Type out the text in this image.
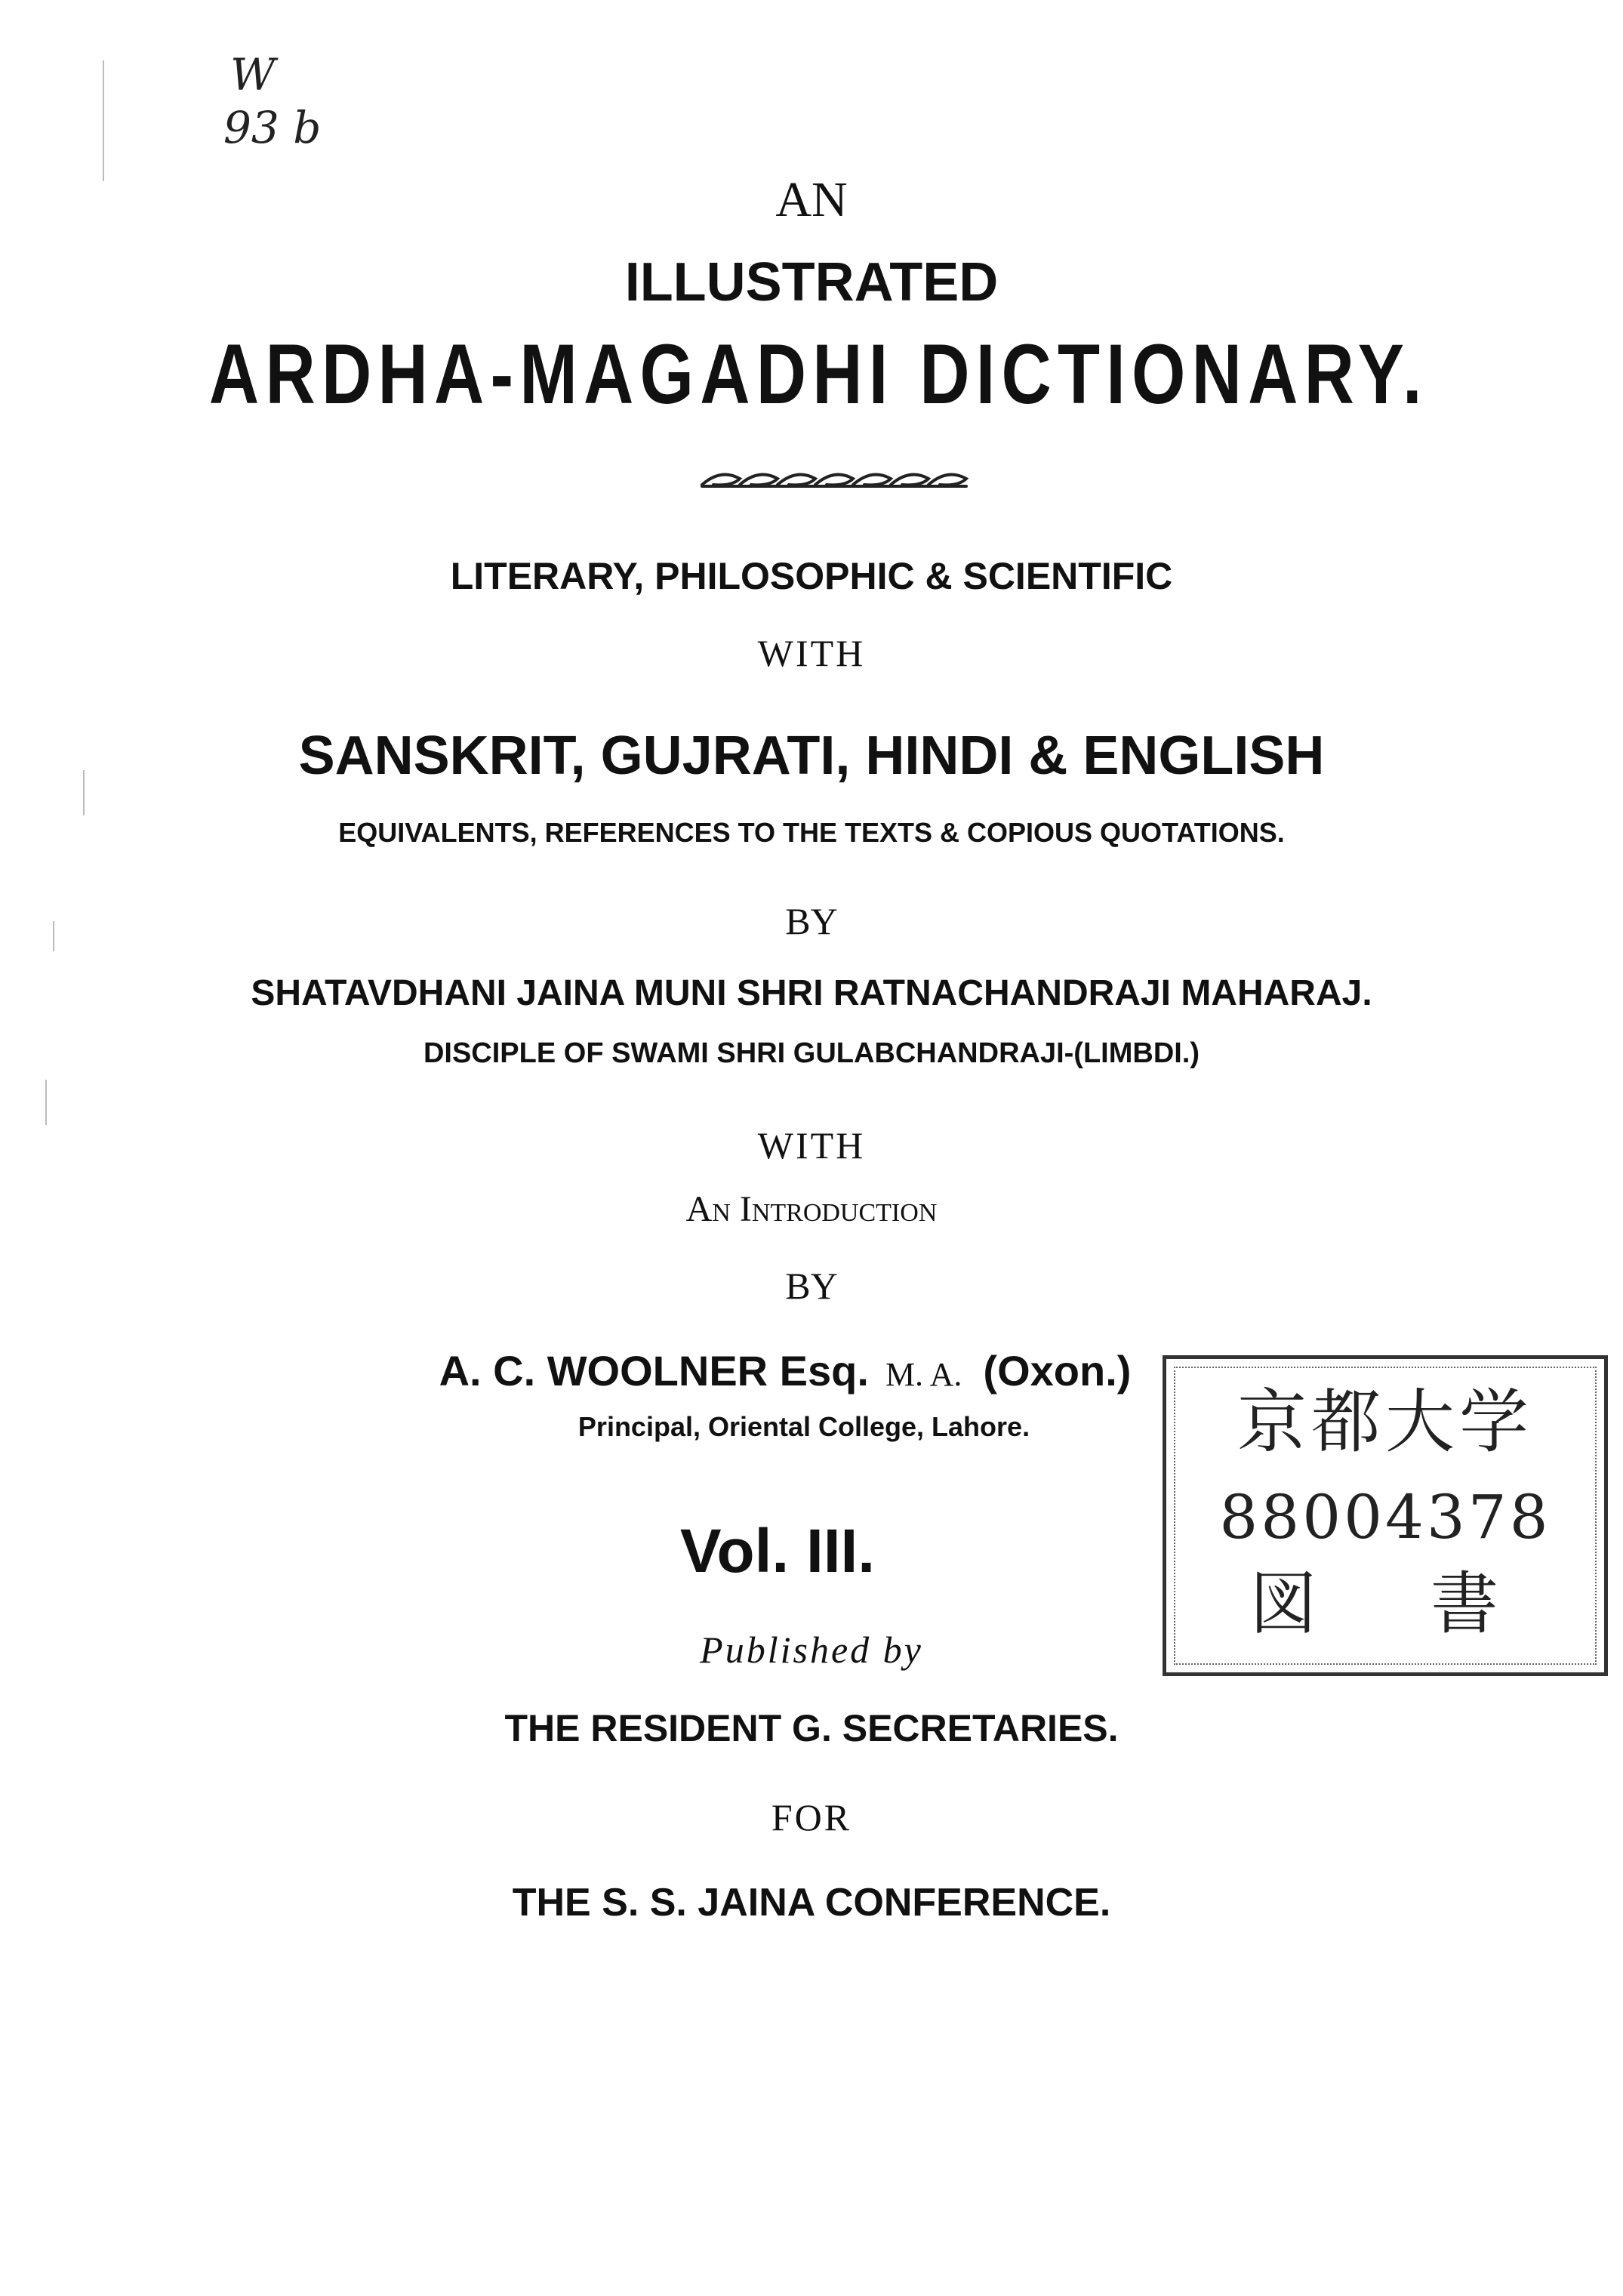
W
93 b
AN
ILLUSTRATED
ARDHA-MAGADHI DICTIONARY.
LITERARY, PHILOSOPHIC & SCIENTIFIC
WITH
SANSKRIT, GUJRATI, HINDI & ENGLISH
EQUIVALENTS, REFERENCES TO THE TEXTS & COPIOUS QUOTATIONS.
BY
SHATAVDHANI JAINA MUNI SHRI RATNACHANDRAJI MAHARAJ.
DISCIPLE OF SWAMI SHRI GULABCHANDRAJI-(LIMBDI.)
WITH
An Introduction
BY
A. C. WOOLNER Esq. M. A. (Oxon.)
Principal, Oriental College, Lahore.
Vol. III.
Published by
THE RESIDENT G. SECRETARIES.
FOR
THE S. S. JAINA CONFERENCE.
京都大学
88004378
図　書
